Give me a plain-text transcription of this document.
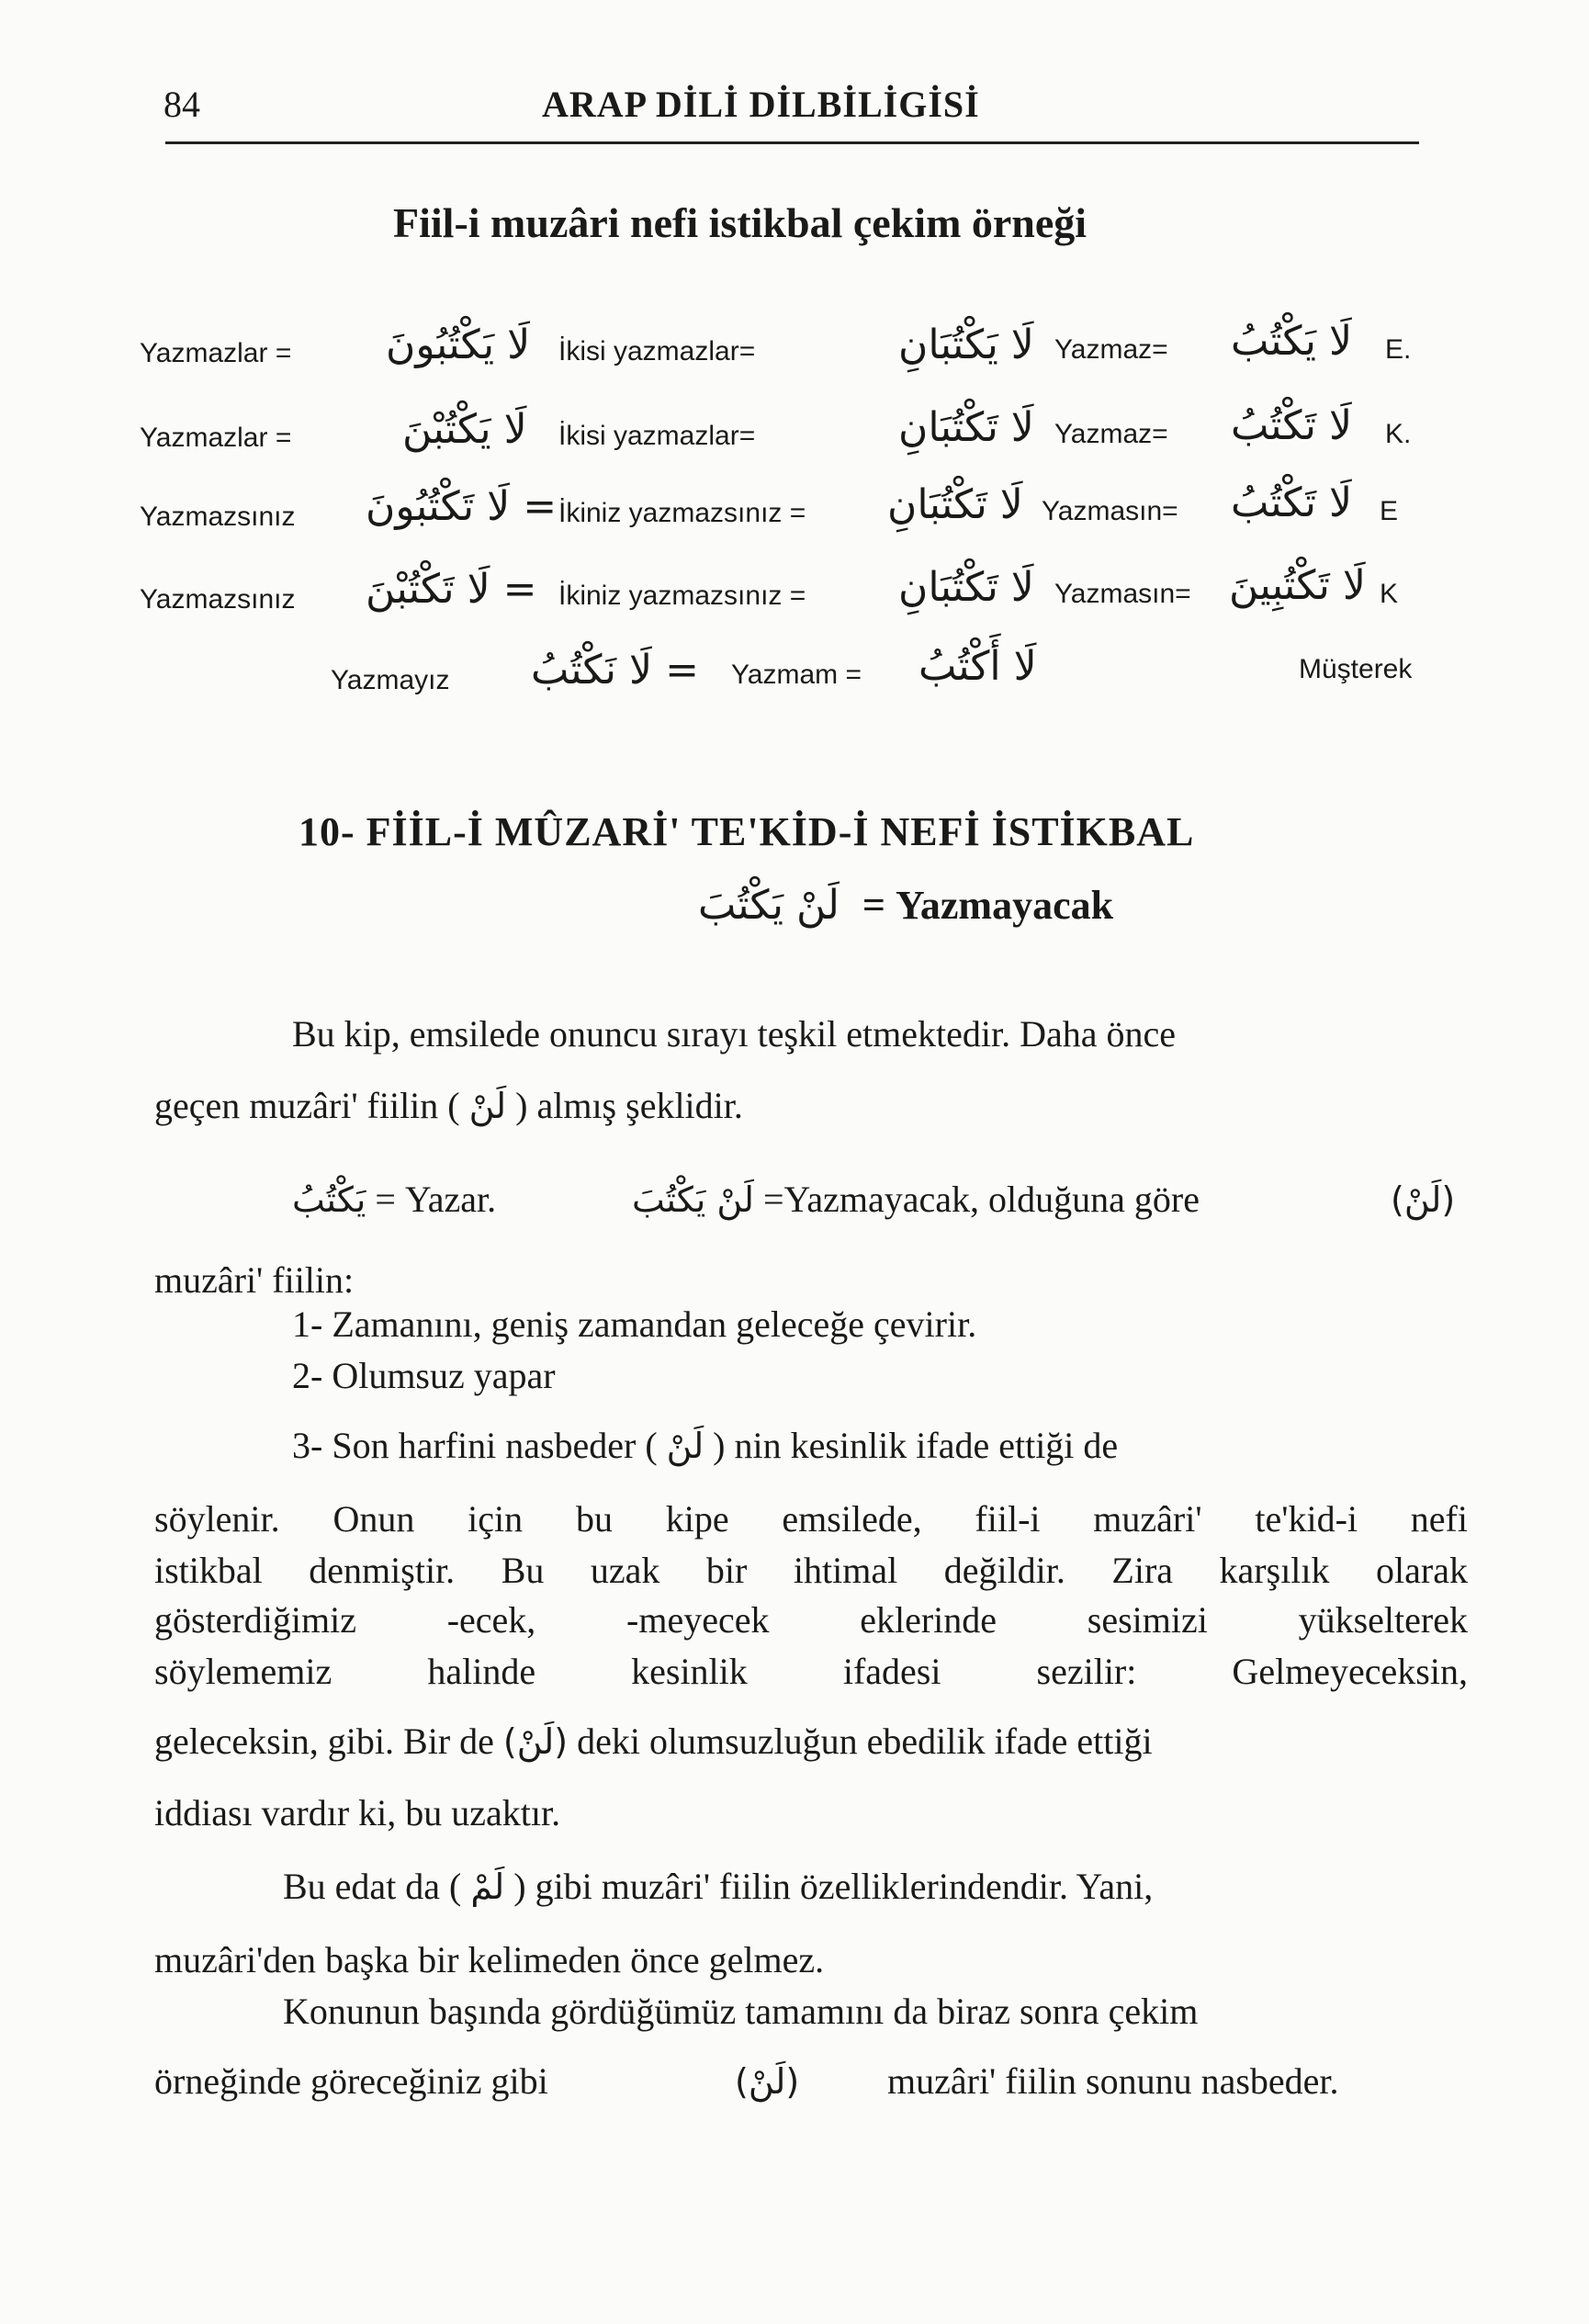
84	ARAP DİLİ DİLBİLİGİSİ
Fiil-i muzâri nefi istikbal çekim örneği
Yazmazlar = لَا يَكْتُبُونَ İkisi yazmazlar=	لَا يَكْتُبَانِ Yazmaz= لَا يَكْتُبُ E.
Yazmazlar =	لَا يَكْتُبْنَ İkisi yazmazlar=	لَا تَكْتُبَانِ Yazmaz= لَا تَكْتُبُ K.
Yazmazsınız = لَا تَكْتُبُونَ İkiniz yazmazsınız = لَا تَكْتُبَانِ Yazmasın= لَا تَكْتُبُ E
Yazmazsınız = لَا تَكْتُبْنَ İkiniz yazmazsınız = لَا تَكْتُبَانِ Yazmasın= لَا تَكْتُبِينَ K
Yazmayız = لَا نَكْتُبُ Yazmam = لَا أَكْتُبُ	Müşterek
10- FİİL-İ MÛZARİ' TE'KİD-İ NEFİ İSTİKBAL
لَنْ يَكْتُبَ = Yazmayacak
Bu kip, emsilede onuncu sırayı teşkil etmektedir. Daha önce
geçen muzâri' fiilin ( لَنْ ) almış şeklidir.
يَكْتُبُ = Yazar.	لَنْ يَكْتُبَ =Yazmayacak, olduğuna göre	(لَنْ)
muzâri' fiilin:
1- Zamanını, geniş zamandan geleceğe çevirir.
2- Olumsuz yapar
3- Son harfini nasbeder ( لَنْ ) nin kesinlik ifade ettiği de
söylenir. Onun için bu kipe emsilede, fiil-i muzâri' te'kid-i nefi
istikbal denmiştir. Bu uzak bir ihtimal değildir. Zira karşılık olarak
gösterdiğimiz -ecek, -meyecek eklerinde sesimizi yükselterek
söylememiz halinde kesinlik ifadesi sezilir: Gelmeyeceksin,
geleceksin, gibi. Bir de (لَنْ) deki olumsuzluğun ebedilik ifade ettiği
iddiası vardır ki, bu uzaktır.
Bu edat da ( لَمْ ) gibi muzâri' fiilin özelliklerindendir. Yani,
muzâri'den başka bir kelimeden önce gelmez.
Konunun başında gördüğümüz tamamını da biraz sonra çekim
örneğinde göreceğiniz gibi	(لَنْ) muzâri' fiilin sonunu nasbeder.
